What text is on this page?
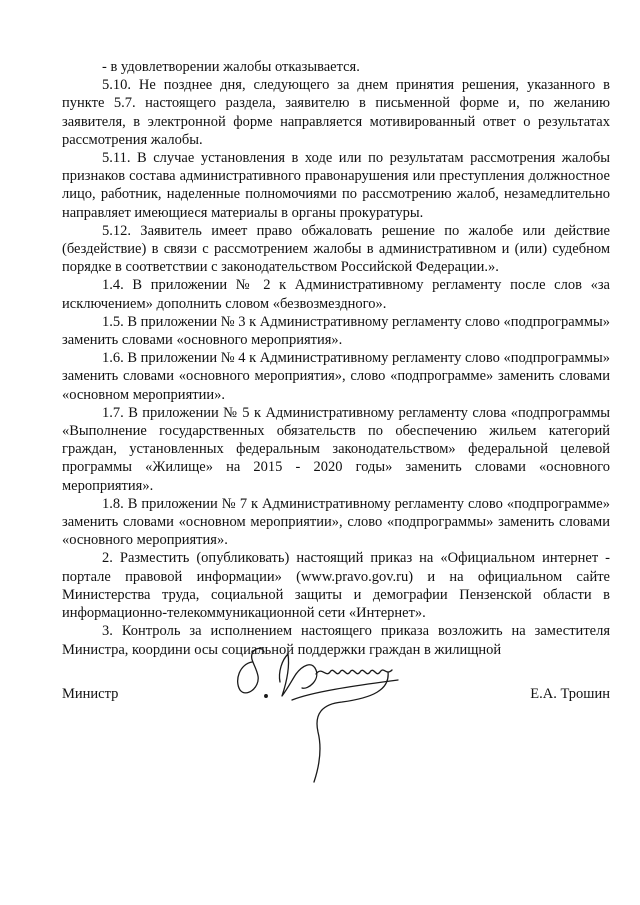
- в удовлетворении жалобы отказывается.

5.10. Не позднее дня, следующего за днем принятия решения, указанного в пункте 5.7. настоящего раздела, заявителю в письменной форме и, по желанию заявителя, в электронной форме направляется мотивированный ответ о результатах рассмотрения жалобы.

5.11. В случае установления в ходе или по результатам рассмотрения жалобы признаков состава административного правонарушения или преступления должностное лицо, работник, наделенные полномочиями по рассмотрению жалоб, незамедлительно направляет имеющиеся материалы в органы прокуратуры.

5.12. Заявитель имеет право обжаловать решение по жалобе или действие (бездействие) в связи с рассмотрением жалобы в административном и (или) судебном порядке в соответствии с законодательством Российской Федерации.».

1.4. В приложении № 2 к Административному регламенту после слов «за исключением» дополнить словом «безвозмездного».

1.5. В приложении № 3 к Административному регламенту слово «подпрограммы» заменить словами «основного мероприятия».

1.6. В приложении № 4 к Административному регламенту слово «подпрограммы» заменить словами «основного мероприятия», слово «подпрограмме» заменить словами «основном мероприятии».

1.7. В приложении № 5 к Административному регламенту слова «подпрограммы «Выполнение государственных обязательств по обеспечению жильем категорий граждан, установленных федеральным законодательством» федеральной целевой программы «Жилище» на 2015 - 2020 годы» заменить словами «основного мероприятия».

1.8. В приложении № 7 к Административному регламенту слово «подпрограмме» заменить словами «основном мероприятии», слово «подпрограммы» заменить словами «основного мероприятия».

2. Разместить (опубликовать) настоящий приказ на «Официальном интернет - портале правовой информации» (www.pravo.gov.ru) и на официальном сайте Министерства труда, социальной защиты и демографии Пензенской области в информационно-телекоммуникационной сети «Интернет».

3. Контроль за исполнением настоящего приказа возложить на заместителя Министра, координи осы социальной поддержки граждан в жилищной

Министр	Е.А. Трошин
